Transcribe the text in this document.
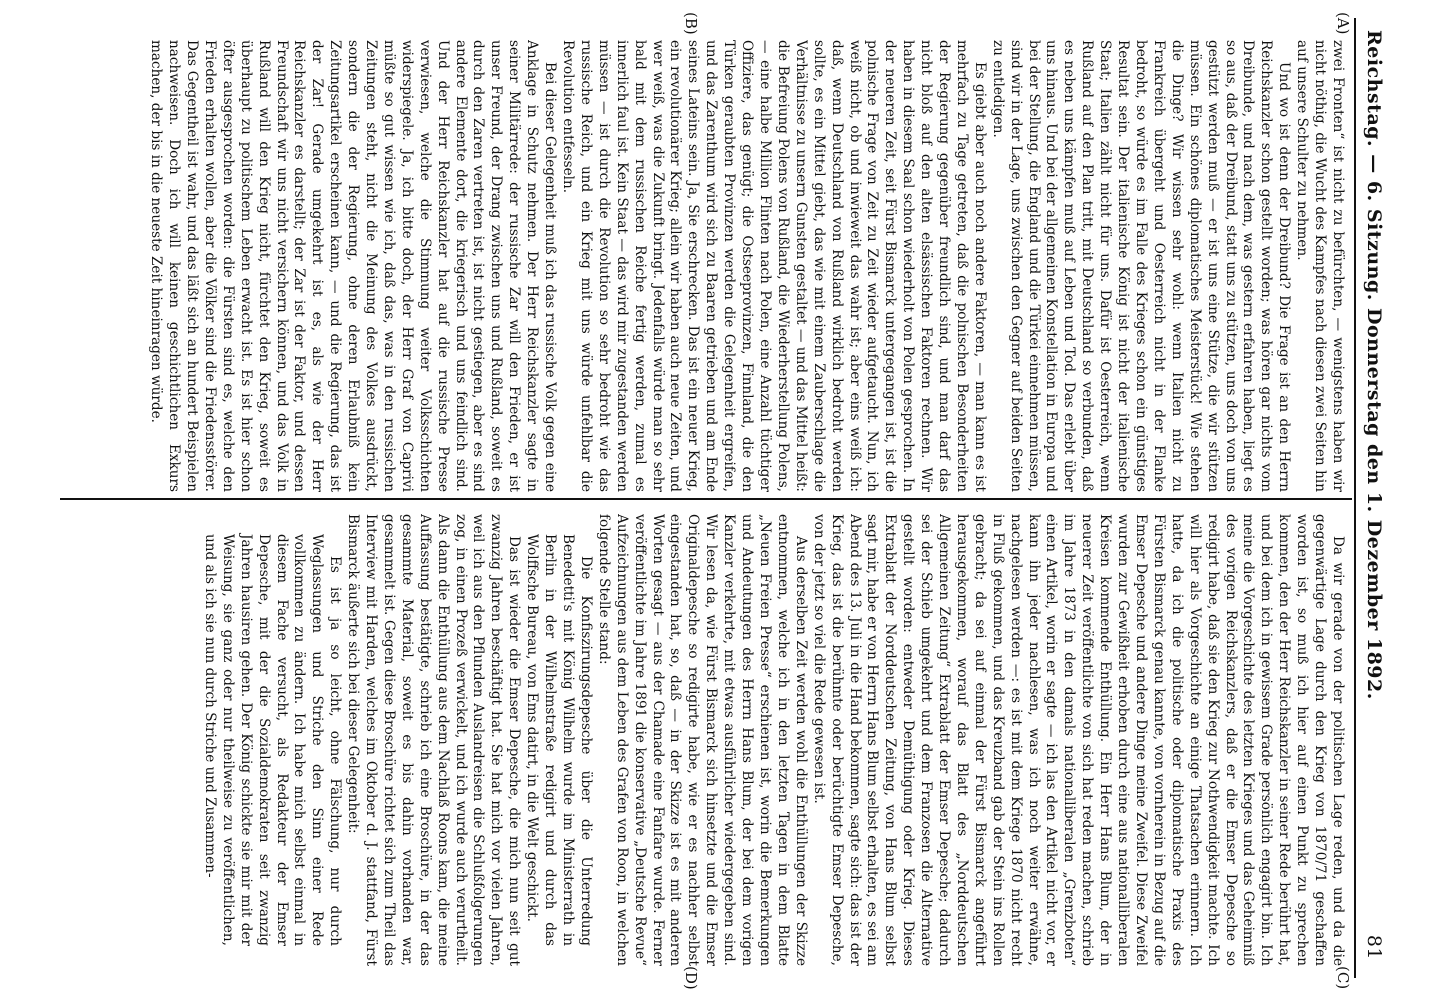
Reichstag. — 6. Sitzung. Donnerstag den 1. Dezember 1892.
81
(A)
(B)
(C)
(D)

zwei Fronten“ ist nicht zu befürchten, — wenigstens haben wir nicht nöthig, die Wucht des Kampfes nach diesen zwei Seiten hin auf unsere Schulter zu nehmen.

Und wo ist denn der Dreibund? Die Frage ist an den Herrn Reichskanzler schon gestellt worden; was hören gar nichts vom Dreibunde, und nach dem, was gestern erfahren haben, liegt es so aus, daß der Dreibund, statt uns zu stützen, uns doch von uns gestützt werden muß — er ist uns eine Stütze, die wir stützen müssen. Ein schönes diplomatisches Meisterstück! Wie stehen die Dinge? Wir wissen sehr wohl: wenn Italien nicht zu Frankreich übergeht und Oesterreich nicht in der Flanke bedroht, so würde es im Falle des Krieges schon ein günstiges Resultat sein. Der italienische König ist nicht der italienische Staat; Italien zählt nicht für uns. Dafür ist Oesterreich, wenn Rußland auf den Plan tritt, mit Deutschland so verbunden, daß es neben uns kämpfen muß auf Leben und Tod. Das erlebt über uns hinaus. Und bei der allgemeinen Konstellation in Europa und bei der Stellung, die England und die Türkei einnehmen müssen, sind wir in der Lage, uns zwischen den Gegner auf beiden Seiten zu entledigen.

Es giebt aber auch noch andere Faktoren, — man kann es ist mehrfach zu Tage getreten, daß die polnischen Besonderheiten der Regierung gegenüber freundlich sind, und man darf das nicht bloß auf den alten elsässischen Faktoren rechnen. Wir haben in diesem Saal schon wiederholt von Polen gesprochen. In der neueren Zeit, seit Fürst Bismarck untergegangen ist, ist die polnische Frage von Zeit zu Zeit wieder aufgetaucht. Nun, ich weiß nicht, ob und inwieweit das wahr ist; aber eins weiß ich: daß, wenn Deutschland von Rußland wirklich bedroht werden sollte, es ein Mittel giebt, das wie mit einem Zauberschlage die Verhältnisse zu unsern Gunsten gestaltet — und das Mittel heißt: die Befreiung Polens von Rußland, die Wiederherstellung Polens, — eine halbe Million Flinten nach Polen, eine Anzahl tüchtiger Offiziere, das genügt; die Ostseeprovinzen, Finnland, die den Türken geraubten Provinzen werden die Gelegenheit ergreifen, und das Zarenthum wird sich zu Baaren getrieben und am Ende seines Lateins sein. Ja, Sie erschrecken. Das ist ein neuer Krieg, ein revolutionärer Krieg; allein wir haben auch neue Zeiten, und wer weiß, was die Zukunft bringt. Jedenfalls würde man so sehr bald mit dem russischen Reiche fertig werden, zumal es innerlich faul ist. Kein Staat — das wird mir zugestanden werden müssen — ist durch die Revolution so sehr bedroht wie das russische Reich, und ein Krieg mit uns würde unfehlbar die Revolution entfesseln.

Bei dieser Gelegenheit muß ich das russische Volk gegen eine Anklage in Schutz nehmen. Der Herr Reichskanzler sagte in seiner Militärrede: der russische Zar will den Frieden, er ist unser Freund, der Drang zwischen uns und Rußland, soweit es durch den Zaren vertreten ist, ist nicht gestiegen, aber es sind andere Elemente dort, die kriegerisch und uns feindlich sind. Und der Herr Reichskanzler hat auf die russische Presse verwiesen, welche die Stimmung weiter Volksschichten widerspiegele. Ja, ich bitte doch, der Herr Graf von Caprivi müßte so gut wissen wie ich, daß das, was in den russischen Zeitungen steht, nicht die Meinung des Volkes ausdrückt, sondern die der Regierung, ohne deren Erlaubniß kein Zeitungsartikel erscheinen kann, — und die Regierung, das ist der Zar! Gerade umgekehrt ist es, als wie der Herr Reichskanzler es darstellt; der Zar ist der Faktor, und dessen Freundschaft wir uns nicht versichern können, und das Volk in Rußland will den Krieg nicht, fürchtet den Krieg, soweit es überhaupt zu politischem Leben erwacht ist. Es ist hier schon öfter ausgesprochen worden: die Fürsten sind es, welche den Frieden erhalten wollen, aber die Völker sind die Friedensstörer. Das Gegentheil ist wahr, und das läßt sich an hundert Beispielen nachweisen. Doch ich will keinen geschichtlichen Exkurs machen, der bis in die neueste Zeit hineinragen würde.

Da wir gerade von der politischen Lage reden, und da die gegenwärtige Lage durch den Krieg von 1870/71 geschaffen worden ist, so muß ich hier auf einen Punkt zu sprechen kommen, den der Herr Reichskanzler in seiner Rede berührt hat, und bei dem ich in gewissem Grade persönlich engagirt bin. Ich meine die Vorgeschichte des letzten Krieges und das Geheimniß des vorigen Reichskanzlers, daß er die Emser Depesche so redigirt habe, daß sie den Krieg zur Nothwendigkeit machte. Ich will hier als Vorgeschichte an einige Thatsachen erinnern. Ich hatte, da ich die politische oder diplomatische Praxis des Fürsten Bismarck genau kannte, von vornherein in Bezug auf die Emser Depesche und andere Dinge meine Zweifel. Diese Zweifel wurden zur Gewißheit erhoben durch eine aus nationalliberalen Kreisen kommende Enthüllung. Ein Herr Hans Blum, der in neuerer Zeit veröffentlichte von sich hat reden machen, schrieb im Jahre 1873 in den damals nationalliberalen „Grenzboten“ einen Artikel, worin er sagte — ich las den Artikel nicht vor, er kann ihn jeder nachlesen, was ich noch weiter erwähne, nachgelesen werden —: es ist mit dem Kriege 1870 nicht recht in Fluß gekommen, und das Kreuzband gab der Stein ins Rollen gebracht; da sei auf einmal der Fürst Bismarck angeführt herausgekommen, worauf das Blatt des „Norddeutschen Allgemeinen Zeitung“ Extrablatt der Emser Depesche; dadurch sei der Schieb umgekehrt und dem Franzosen die Alternative gestellt worden: entweder Demüthigung oder Krieg. Dieses Extrablatt der Norddeutschen Zeitung, von Hans Blum selbst sagt mir, habe er von Herrn Hans Blum selbst erhalten, es sei am Abend des 13. Juli in die Hand bekommen, sagte sich: das ist der Krieg, das ist die berühmte oder berüchtigte Emser Depesche, von der jetzt so viel die Rede gewesen ist.

Aus derselben Zeit werden wohl die Enthüllungen der Skizze entnommen, welche ich in den letzten Tagen in dem Blatte „Neuen Freien Presse“ erschienen ist, worin die Bemerkungen und Andeutungen des Herrn Hans Blum, der bei dem vorigen Kanzler verkehrte, mit etwas ausführlicher wiedergegeben sind. Wir lesen da, wie Fürst Bismarck sich hinsetzte und die Emser Originaldepesche so redigirte habe, wie er es nachher selbst eingestanden hat, so, daß — in der Skizze ist es mit anderen Worten gesagt — aus der Chamade eine Fanfare wurde. Ferner veröffentlichte im Jahre 1891 die konservative „Deutsche Revue“ Aufzeichnungen aus dem Leben des Grafen von Roon, in welchen folgende Stelle stand:

Die Konfiszirungsdepesche über die Unterredung Benedetti's mit König Wilhelm wurde im Ministerrath in Berlin in der Wilhelmstraße redigirt und durch das Wolffsche Bureau, von Ems datirt, in die Welt geschickt.

Das ist wieder die Emser Depesche, die mich nun seit gut zwanzig Jahren beschäftigt hat. Sie hat mich vor vielen Jahren, weil ich aus den Pflunden Auslandreisen die Schlußfolgerungen zog, in einen Prozeß verwickelt, und ich wurde auch verurtheilt. Als dann die Enthüllung aus dem Nachlaß Roons kam, die meine Auffassung bestätigte, schrieb ich eine Broschüre, in der das gesammte Material, soweit es bis dahin vorhanden war, gesammelt ist. Gegen diese Broschüre richtet sich zum Theil das Interview mit Harden, welches im Oktober d. J. stattfand, Fürst Bismarck äußerte sich bei dieser Gelegenheit:

Es ist ja so leicht, ohne Fälschung, nur durch Weglassungen und Striche den Sinn einer Rede vollkommen zu ändern. Ich habe mich selbst einmal in diesem Fache versucht, als Redakteur der Emser Depesche, mit der die Sozialdemokraten seit zwanzig Jahren hausiren gehen. Der König schickte sie mir mit der Weisung, sie ganz oder nur theilweise zu veröffentlichen, und als ich sie nun durch Striche und Zusammen-
